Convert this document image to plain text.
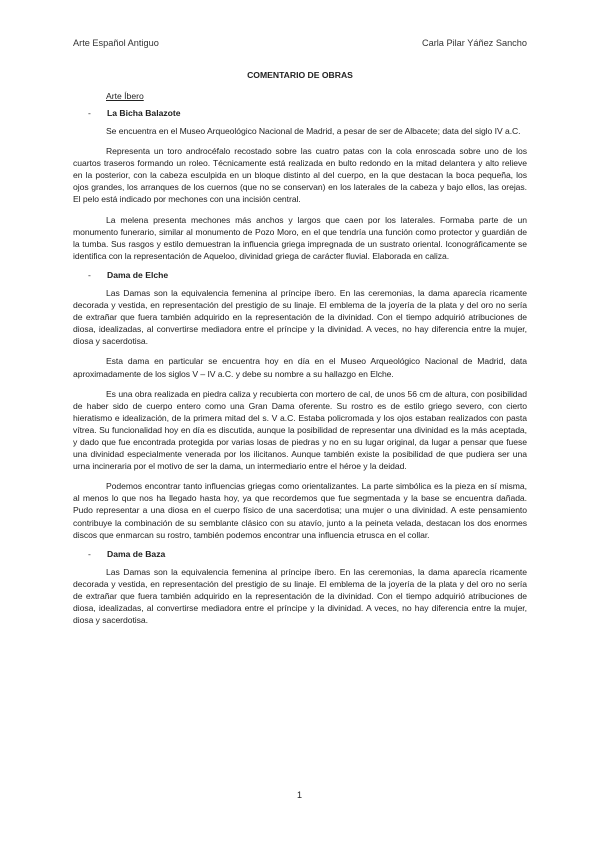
Arte Español Antiguo	Carla Pilar Yáñez Sancho
COMENTARIO DE OBRAS
Arte Íbero
-	La Bicha Balazote

Se encuentra en el Museo Arqueológico Nacional de Madrid, a pesar de ser de Albacete; data del siglo IV a.C.

Representa un toro androcéfalo recostado sobre las cuatro patas con la cola enroscada sobre uno de los cuartos traseros formando un roleo. Técnicamente está realizada en bulto redondo en la mitad delantera y alto relieve en la posterior, con la cabeza esculpida en un bloque distinto al del cuerpo, en la que destacan la boca pequeña, los ojos grandes, los arranques de los cuernos (que no se conservan) en los laterales de la cabeza y bajo ellos, las orejas. El pelo está indicado por mechones con una incisión central.

La melena presenta mechones más anchos y largos que caen por los laterales. Formaba parte de un monumento funerario, similar al monumento de Pozo Moro, en el que tendría una función como protector y guardián de la tumba. Sus rasgos y estilo demuestran la influencia griega impregnada de un sustrato oriental. Iconográficamente se identifica con la representación de Aqueloo, divinidad griega de carácter fluvial. Elaborada en caliza.

-	Dama de Elche

Las Damas son la equivalencia femenina al príncipe íbero. En las ceremonias, la dama aparecía ricamente decorada y vestida, en representación del prestigio de su linaje. El emblema de la joyería de la plata y del oro no sería de extrañar que fuera también adquirido en la representación de la divinidad. Con el tiempo adquirió atribuciones de diosa, idealizadas, al convertirse mediadora entre el príncipe y la divinidad. A veces, no hay diferencia entre la mujer, diosa y sacerdotisa.

Esta dama en particular se encuentra hoy en día en el Museo Arqueológico Nacional de Madrid, data aproximadamente de los siglos V – IV a.C. y debe su nombre a su hallazgo en Elche.

Es una obra realizada en piedra caliza y recubierta con mortero de cal, de unos 56 cm de altura, con posibilidad de haber sido de cuerpo entero como una Gran Dama oferente. Su rostro es de estilo griego severo, con cierto hieratismo e idealización, de la primera mitad del s. V a.C. Estaba policromada y los ojos estaban realizados con pasta vítrea. Su funcionalidad hoy en día es discutida, aunque la posibilidad de representar una divinidad es la más aceptada, y dado que fue encontrada protegida por varias losas de piedras y no en su lugar original, da lugar a pensar que fuese una divinidad especialmente venerada por los ilicitanos. Aunque también existe la posibilidad de que pudiera ser una urna incineraria por el motivo de ser la dama, un intermediario entre el héroe y la deidad.

Podemos encontrar tanto influencias griegas como orientalizantes. La parte simbólica es la pieza en sí misma, al menos lo que nos ha llegado hasta hoy, ya que recordemos que fue segmentada y la base se encuentra dañada. Pudo representar a una diosa en el cuerpo físico de una sacerdotisa; una mujer o una divinidad. A este pensamiento contribuye la combinación de su semblante clásico con su atavío, junto a la peineta velada, destacan los dos enormes discos que enmarcan su rostro, también podemos encontrar una influencia etrusca en el collar.

-	Dama de Baza

Las Damas son la equivalencia femenina al príncipe íbero. En las ceremonias, la dama aparecía ricamente decorada y vestida, en representación del prestigio de su linaje. El emblema de la joyería de la plata y del oro no sería de extrañar que fuera también adquirido en la representación de la divinidad. Con el tiempo adquirió atribuciones de diosa, idealizadas, al convertirse mediadora entre el príncipe y la divinidad. A veces, no hay diferencia entre la mujer, diosa y sacerdotisa.

1
